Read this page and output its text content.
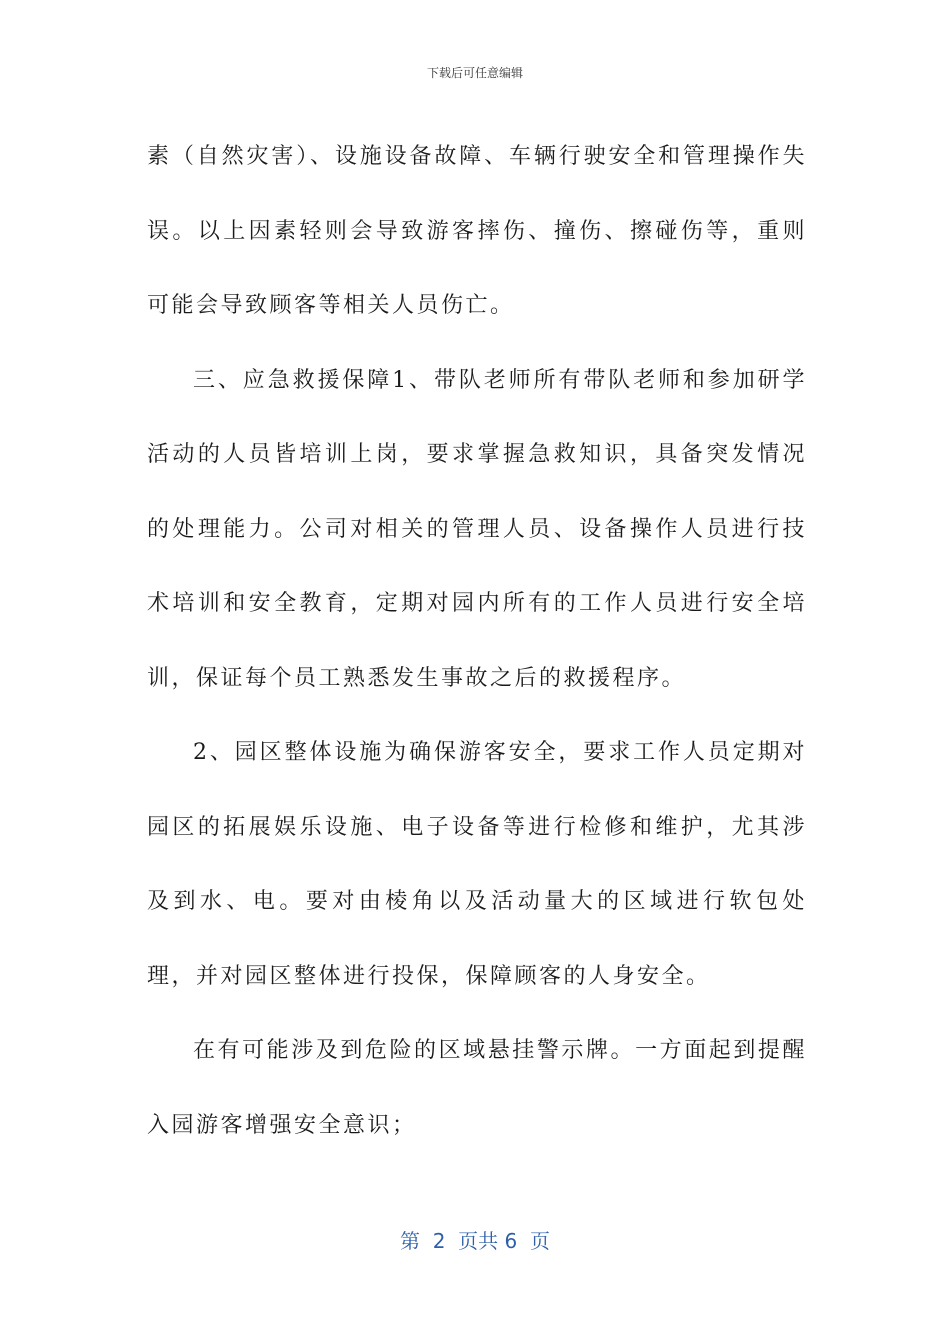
下载后可任意编辑

素（自然灾害）、设施设备故障、车辆行驶安全和管理操作失误。以上因素轻则会导致游客摔伤、撞伤、擦碰伤等，重则可能会导致顾客等相关人员伤亡。

三、应急救援保障1、带队老师所有带队老师和参加研学活动的人员皆培训上岗，要求掌握急救知识，具备突发情况的处理能力。公司对相关的管理人员、设备操作人员进行技术培训和安全教育，定期对园内所有的工作人员进行安全培训，保证每个员工熟悉发生事故之后的救援程序。

2、园区整体设施为确保游客安全，要求工作人员定期对园区的拓展娱乐设施、电子设备等进行检修和维护，尤其涉及到水、电。要对由棱角以及活动量大的区域进行软包处理，并对园区整体进行投保，保障顾客的人身安全。

在有可能涉及到危险的区域悬挂警示牌。一方面起到提醒入园游客增强安全意识；

第  2  页共 6  页
